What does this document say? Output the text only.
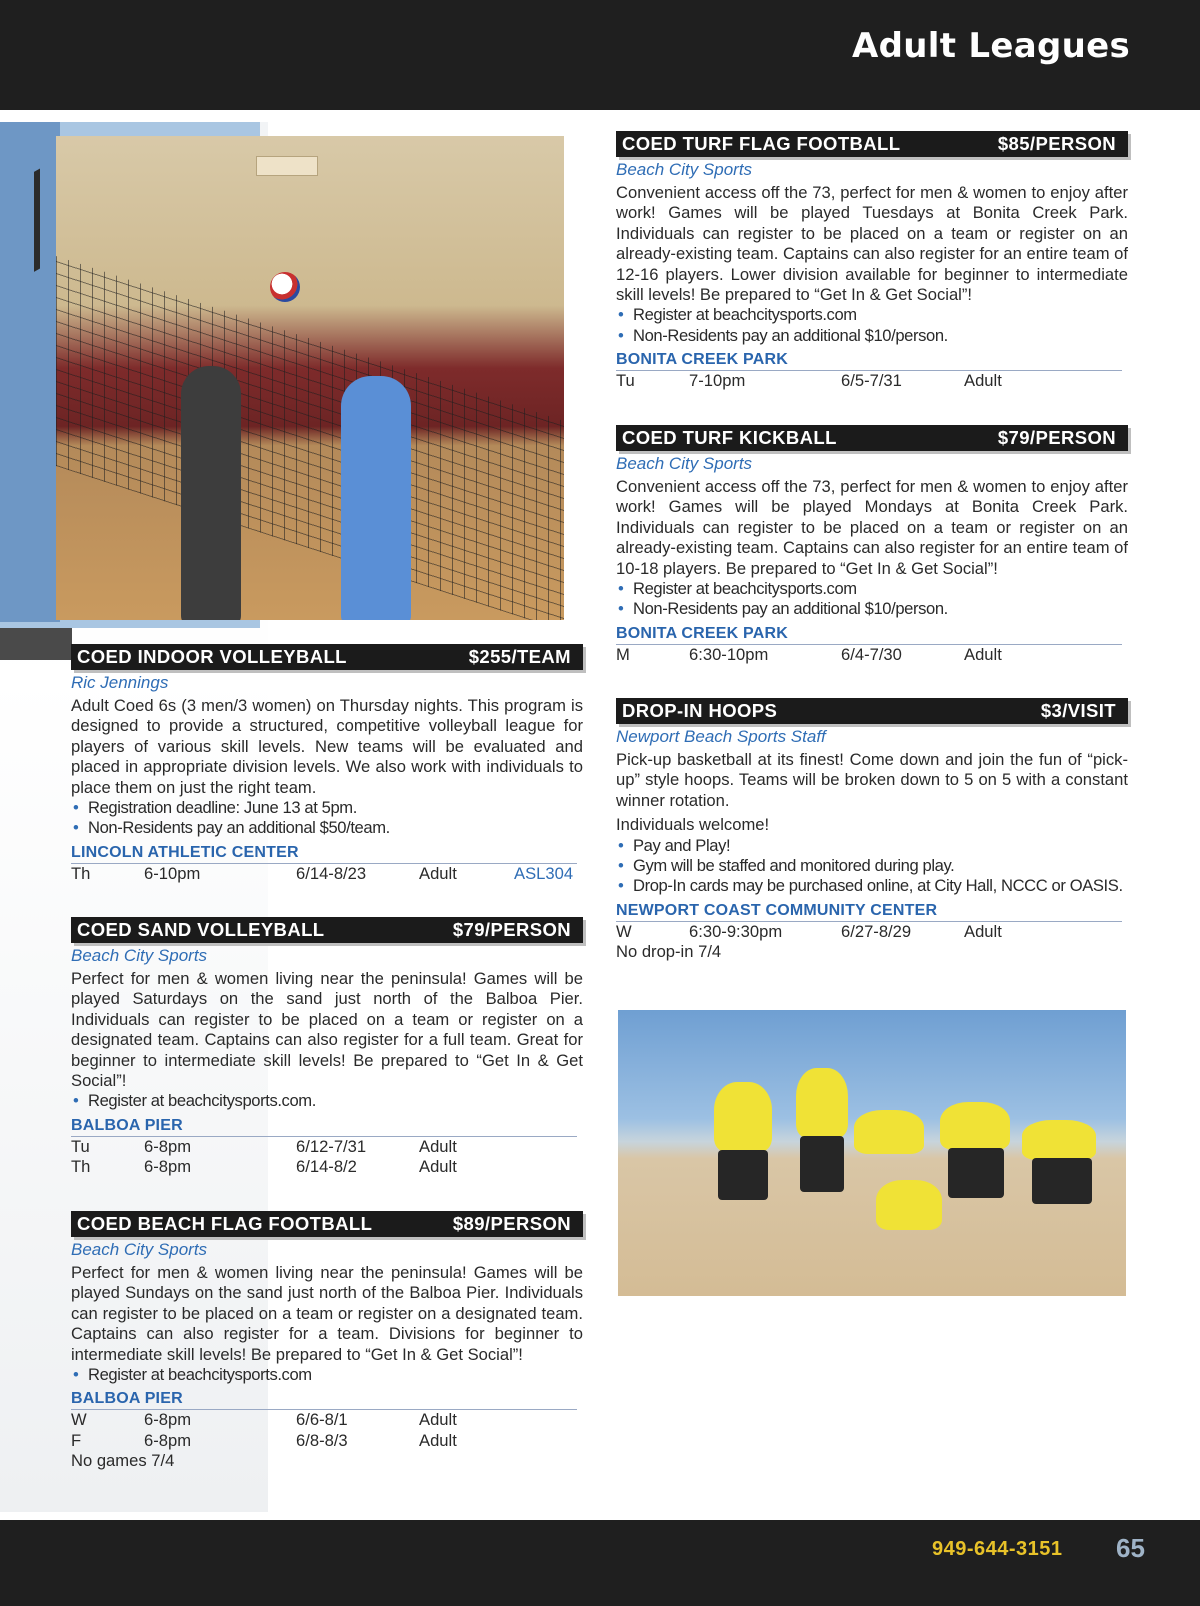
Adult Leagues
COED INDOOR VOLLEYBALL	$255/TEAM
Ric Jennings
Adult Coed 6s (3 men/3 women) on Thursday nights. This program is designed to provide a structured, competitive volleyball league for players of various skill levels. New teams will be evaluated and placed in appropriate division levels. We also work with individuals to place them on just the right team.
• Registration deadline: June 13 at 5pm.
• Non-Residents pay an additional $50/team.
LINCOLN ATHLETIC CENTER
Th	6-10pm	6/14-8/23	Adult	ASL304
COED SAND VOLLEYBALL	$79/PERSON
Beach City Sports
Perfect for men & women living near the peninsula! Games will be played Saturdays on the sand just north of the Balboa Pier. Individuals can register to be placed on a team or register on a designated team. Captains can also register for a full team. Great for beginner to intermediate skill levels! Be prepared to “Get In & Get Social”!
• Register at beachcitysports.com.
BALBOA PIER
Tu	6-8pm	6/12-7/31	Adult
Th	6-8pm	6/14-8/2	Adult
COED BEACH FLAG FOOTBALL	$89/PERSON
Beach City Sports
Perfect for men & women living near the peninsula! Games will be played Sundays on the sand just north of the Balboa Pier. Individuals can register to be placed on a team or register on a designated team. Captains can also register for a team. Divisions for beginner to intermediate skill levels! Be prepared to “Get In & Get Social”!
• Register at beachcitysports.com
BALBOA PIER
W	6-8pm	6/6-8/1	Adult
F	6-8pm	6/8-8/3	Adult
No games 7/4
COED TURF FLAG FOOTBALL	$85/PERSON
Beach City Sports
Convenient access off the 73, perfect for men & women to enjoy after work! Games will be played Tuesdays at Bonita Creek Park. Individuals can register to be placed on a team or register on an already-existing team. Captains can also register for an entire team of 12-16 players. Lower division available for beginner to intermediate skill levels! Be prepared to “Get In & Get Social”!
• Register at beachcitysports.com
• Non-Residents pay an additional $10/person.
BONITA CREEK PARK
Tu	7-10pm	6/5-7/31	Adult
COED TURF KICKBALL	$79/PERSON
Beach City Sports
Convenient access off the 73, perfect for men & women to enjoy after work! Games will be played Mondays at Bonita Creek Park. Individuals can register to be placed on a team or register on an already-existing team. Captains can also register for an entire team of 10-18 players. Be prepared to “Get In & Get Social”!
• Register at beachcitysports.com
• Non-Residents pay an additional $10/person.
BONITA CREEK PARK
M	6:30-10pm	6/4-7/30	Adult
DROP-IN HOOPS	$3/VISIT
Newport Beach Sports Staff
Pick-up basketball at its finest! Come down and join the fun of “pick-up” style hoops. Teams will be broken down to 5 on 5 with a constant winner rotation.
Individuals welcome!
• Pay and Play!
• Gym will be staffed and monitored during play.
• Drop-In cards may be purchased online, at City Hall, NCCC or OASIS.
NEWPORT COAST COMMUNITY CENTER
W	6:30-9:30pm	6/27-8/29	Adult
No drop-in 7/4
949-644-3151 65
